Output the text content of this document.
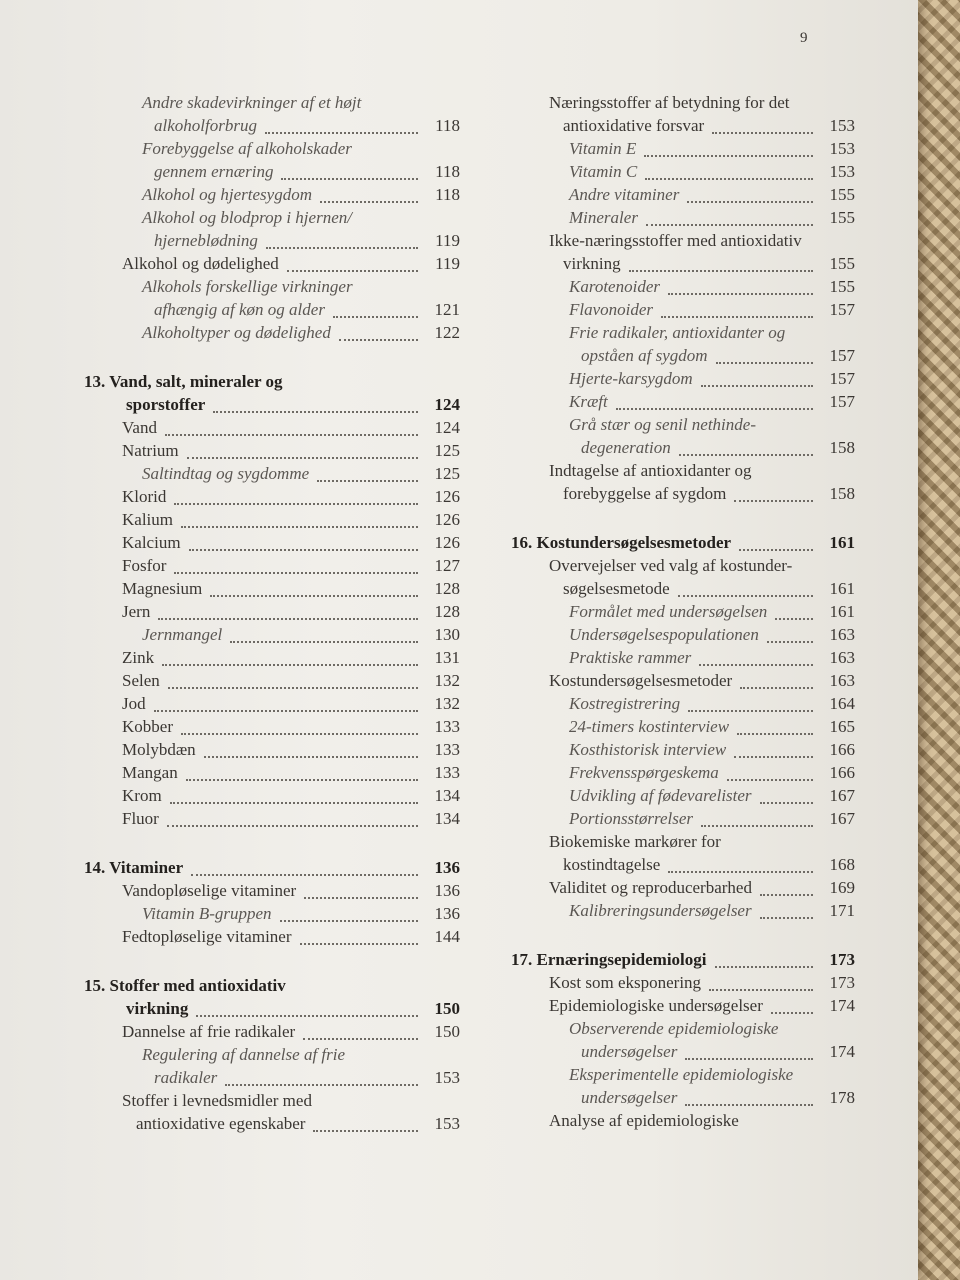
9
Andre skadevirkninger af et højt
alkoholforbrug	118
Forebyggelse af alkoholskader
gennem ernæring	118
Alkohol og hjertesygdom	118
Alkohol og blodprop i hjernen/
hjerneblødning	119
Alkohol og dødelighed	119
Alkohols forskellige virkninger
afhængig af køn og alder	121
Alkoholtyper og dødelighed	122
13. Vand, salt, mineraler og
sporstoffer	124
Vand	124
Natrium	125
Saltindtag og sygdomme	125
Klorid	126
Kalium	126
Kalcium	126
Fosfor	127
Magnesium	128
Jern	128
Jernmangel	130
Zink	131
Selen	132
Jod	132
Kobber	133
Molybdæn	133
Mangan	133
Krom	134
Fluor	134
14. Vitaminer	136
Vandopløselige vitaminer	136
Vitamin B-gruppen	136
Fedtopløselige vitaminer	144
15. Stoffer med antioxidativ
virkning	150
Dannelse af frie radikaler	150
Regulering af dannelse af frie
radikaler	153
Stoffer i levnedsmidler med
antioxidative egenskaber	153
Næringsstoffer af betydning for det
antioxidative forsvar	153
Vitamin E	153
Vitamin C	153
Andre vitaminer	155
Mineraler	155
Ikke-næringsstoffer med antioxidativ
virkning	155
Karotenoider	155
Flavonoider	157
Frie radikaler, antioxidanter og
opståen af sygdom	157
Hjerte-karsygdom	157
Kræft	157
Grå stær og senil nethinde-
degeneration	158
Indtagelse af antioxidanter og
forebyggelse af sygdom	158
16. Kostundersøgelsesmetoder	161
Overvejelser ved valg af kostunder-
søgelsesmetode	161
Formålet med undersøgelsen	161
Undersøgelsespopulationen	163
Praktiske rammer	163
Kostundersøgelsesmetoder	163
Kostregistrering	164
24-timers kostinterview	165
Kosthistorisk interview	166
Frekvensspørgeskema	166
Udvikling af fødevarelister	167
Portionsstørrelser	167
Biokemiske markører for
kostindtagelse	168
Validitet og reproducerbarhed	169
Kalibreringsundersøgelser	171
17. Ernæringsepidemiologi	173
Kost som eksponering	173
Epidemiologiske undersøgelser	174
Observerende epidemiologiske
undersøgelser	174
Eksperimentelle epidemiologiske
undersøgelser	178
Analyse af epidemiologiske
